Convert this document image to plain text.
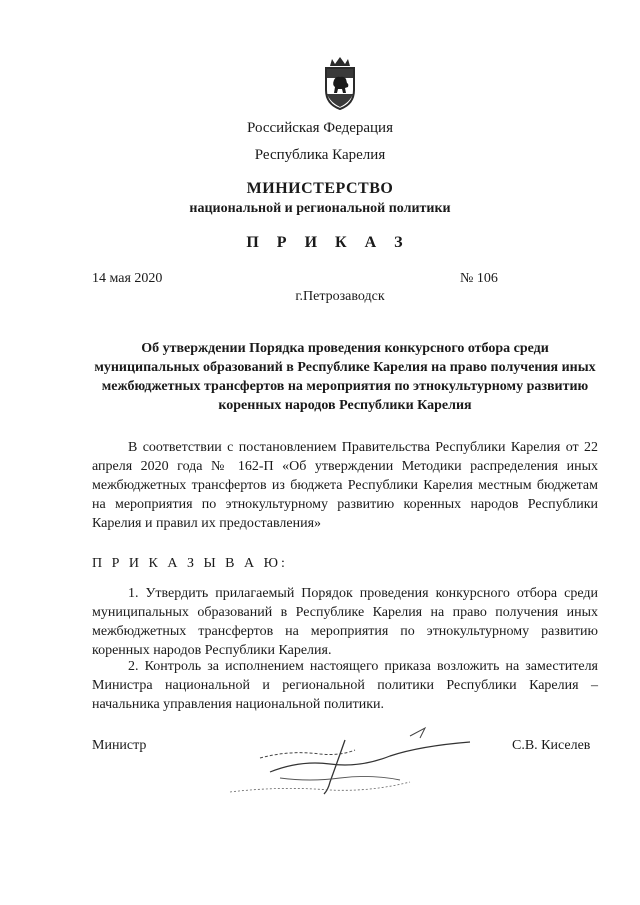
Российская Федерация
Республика Карелия
МИНИСТЕРСТВО
национальной и региональной политики
П Р И К А З
14 мая 2020	№ 106
г.Петрозаводск
Об утверждении Порядка проведения конкурсного отбора среди муниципальных образований в Республике Карелия на право получения иных межбюджетных трансфертов на мероприятия по этнокультурному развитию коренных народов Республики Карелия
В соответствии с постановлением Правительства Республики Карелия от 22 апреля 2020 года № 162-П «Об утверждении Методики распределения иных межбюджетных трансфертов из бюджета Республики Карелия местным бюджетам на мероприятия по этнокультурному развитию коренных народов Республики Карелия и правил их предоставления»
П Р И К А З Ы В А Ю:
1. Утвердить прилагаемый Порядок проведения конкурсного отбора среди муниципальных образований в Республике Карелия на право получения иных межбюджетных трансфертов на мероприятия по этнокультурному развитию коренных народов Республики Карелия.
2. Контроль за исполнением настоящего приказа возложить на заместителя Министра национальной и региональной политики Республики Карелия – начальника управления национальной политики.
Министр	С.В. Киселев
